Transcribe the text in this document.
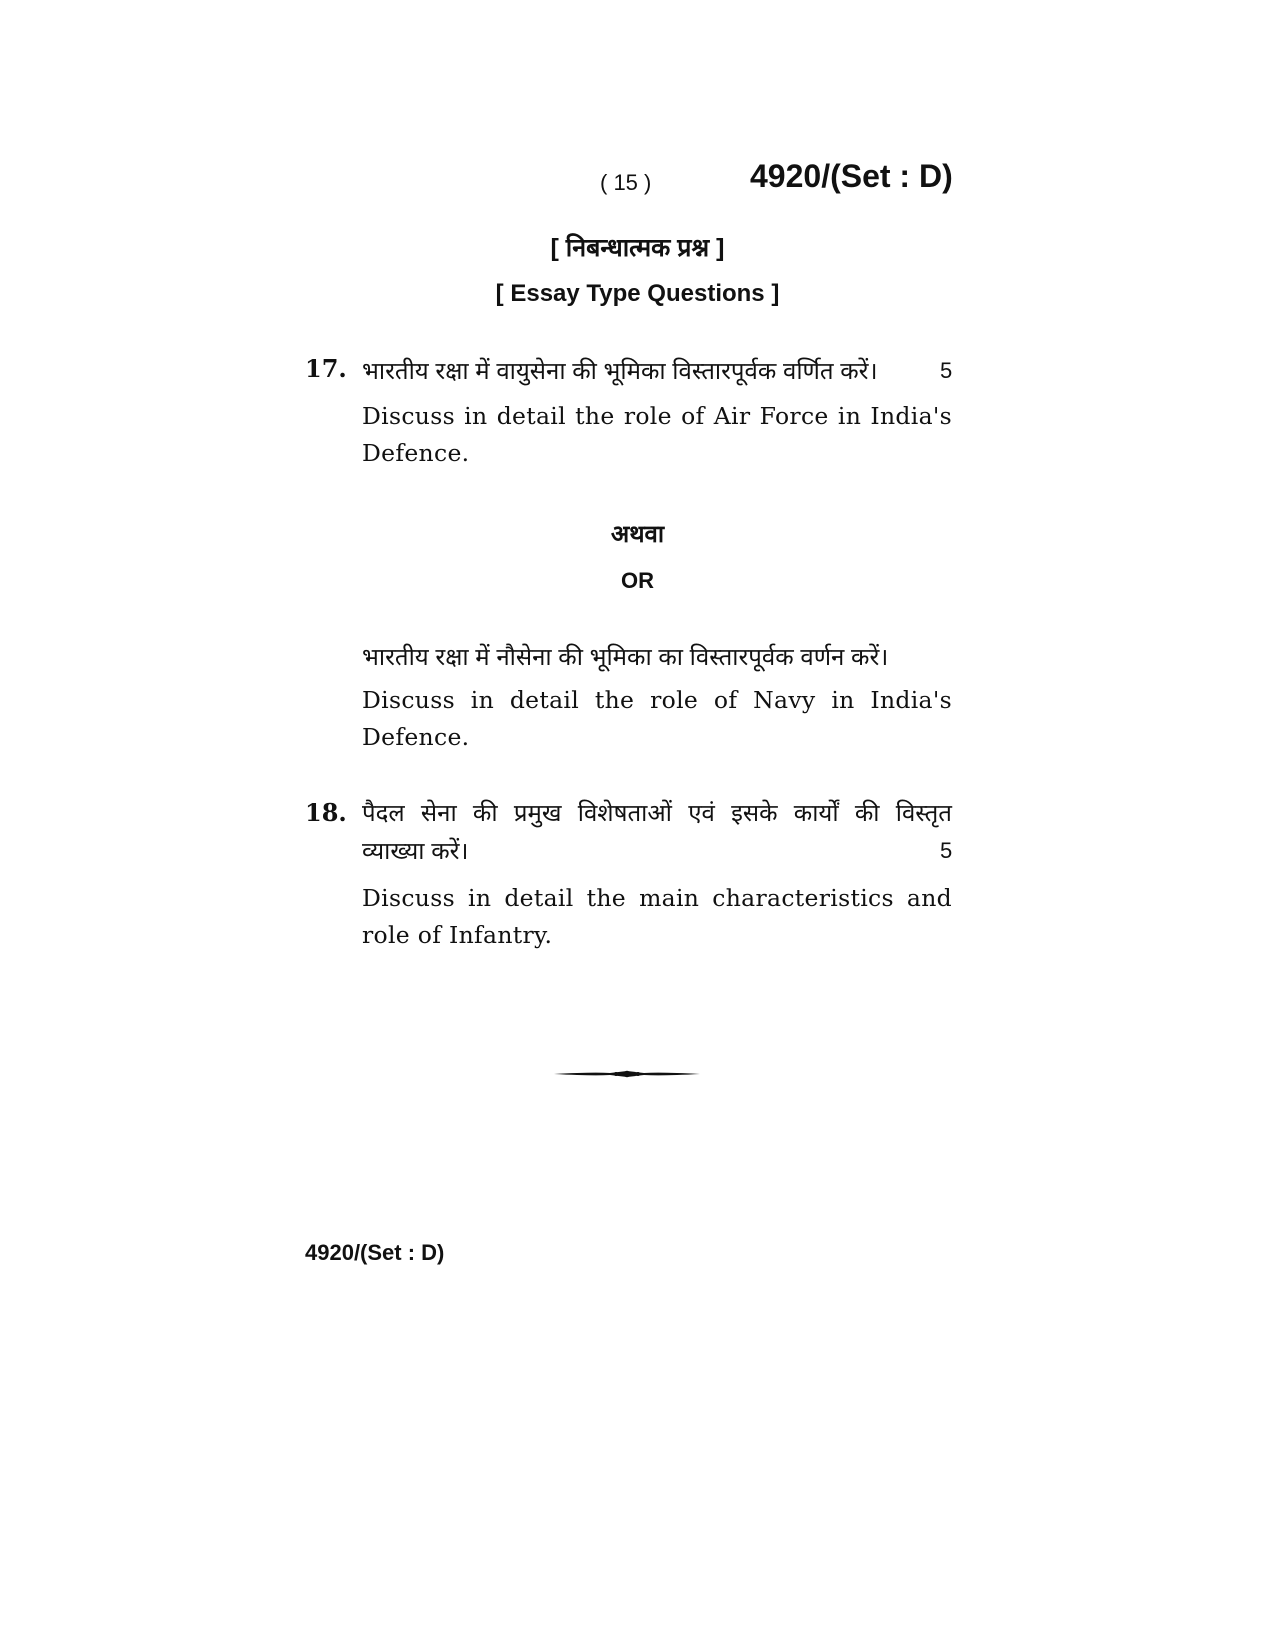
( 15 )	4920/(Set : D)
[ निबन्धात्मक प्रश्न ]
[ Essay Type Questions ]
17. भारतीय रक्षा में वायुसेना की भूमिका विस्तारपूर्वक वर्णित करें।	5
Discuss in detail the role of Air Force in India's
Defence.
अथवा
OR
भारतीय रक्षा में नौसेना की भूमिका का विस्तारपूर्वक वर्णन करें।
Discuss in detail the role of Navy in India's
Defence.
18. पैदल सेना की प्रमुख विशेषताओं एवं इसके कार्यों की विस्तृत
व्याख्या करें।	5
Discuss in detail the main characteristics and
role of Infantry.
4920/(Set : D)
